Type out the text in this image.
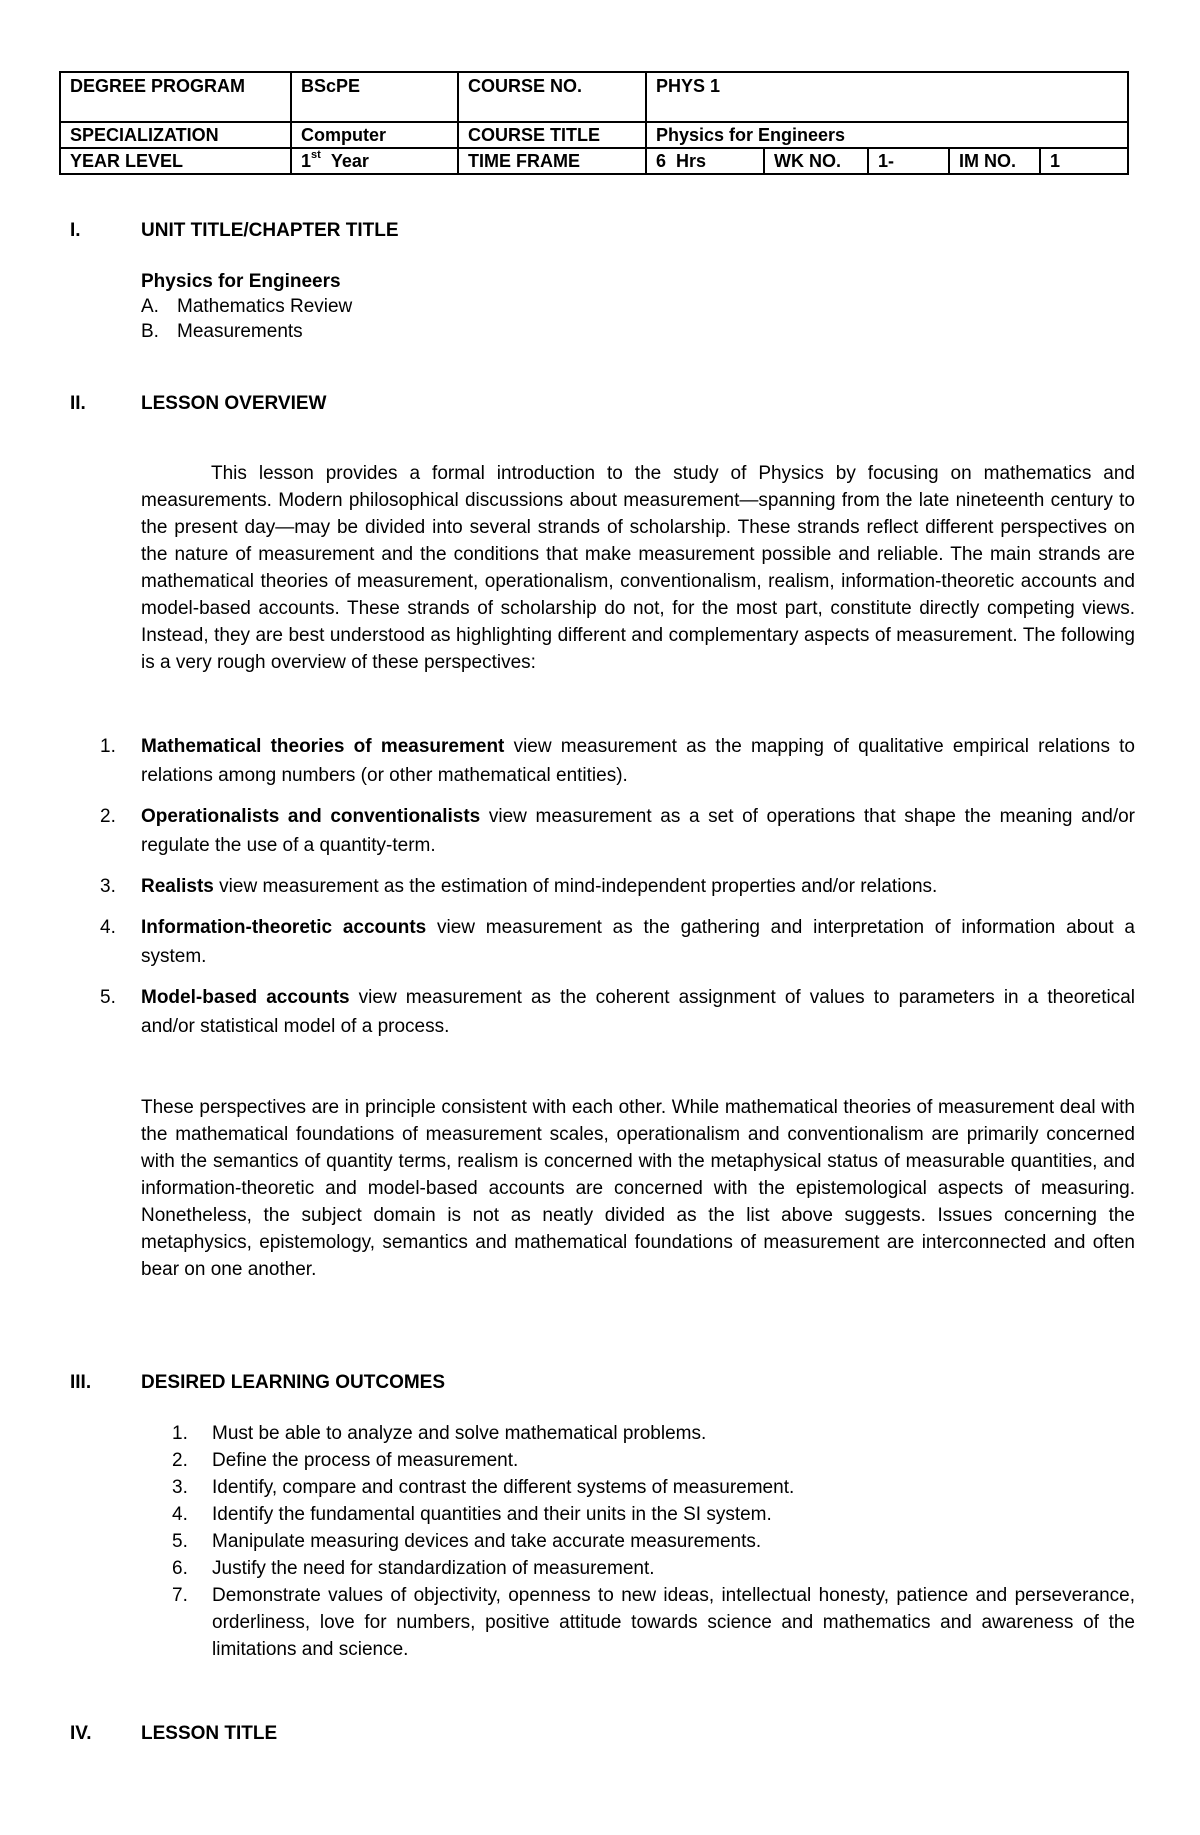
DEGREE PROGRAM	BScPE	COURSE NO.	PHYS 1				
SPECIALIZATION	Computer	COURSE TITLE	Physics for Engineers				
YEAR LEVEL	1st Year	TIME FRAME	6  Hrs	WK NO.	1-	IM NO.	1
I.	UNIT TITLE/CHAPTER TITLE
Physics for Engineers
A. Mathematics Review
B. Measurements
II.	LESSON OVERVIEW
This lesson provides a formal introduction to the study of Physics by focusing on mathematics and measurements. Modern philosophical discussions about measurement—spanning from the late nineteenth century to the present day—may be divided into several strands of scholarship. These strands reflect different perspectives on the nature of measurement and the conditions that make measurement possible and reliable. The main strands are mathematical theories of measurement, operationalism, conventionalism, realism, information-theoretic accounts and model-based accounts. These strands of scholarship do not, for the most part, constitute directly competing views. Instead, they are best understood as highlighting different and complementary aspects of measurement. The following is a very rough overview of these perspectives:
1.	Mathematical theories of measurement view measurement as the mapping of qualitative empirical relations to relations among numbers (or other mathematical entities).
2.	Operationalists and conventionalists view measurement as a set of operations that shape the meaning and/or regulate the use of a quantity-term.
3.	Realists view measurement as the estimation of mind-independent properties and/or relations.
4.	Information-theoretic accounts view measurement as the gathering and interpretation of information about a system.
5.	Model-based accounts view measurement as the coherent assignment of values to parameters in a theoretical and/or statistical model of a process.
These perspectives are in principle consistent with each other. While mathematical theories of measurement deal with the mathematical foundations of measurement scales, operationalism and conventionalism are primarily concerned with the semantics of quantity terms, realism is concerned with the metaphysical status of measurable quantities, and information-theoretic and model-based accounts are concerned with the epistemological aspects of measuring. Nonetheless, the subject domain is not as neatly divided as the list above suggests. Issues concerning the metaphysics, epistemology, semantics and mathematical foundations of measurement are interconnected and often bear on one another.
III.	DESIRED LEARNING OUTCOMES
1.	Must be able to analyze and solve mathematical problems.
2.	Define the process of measurement.
3.	Identify, compare and contrast the different systems of measurement.
4.	Identify the fundamental quantities and their units in the SI system.
5.	Manipulate measuring devices and take accurate measurements.
6.	Justify the need for standardization of measurement.
7.	Demonstrate values of objectivity, openness to new ideas, intellectual honesty, patience and perseverance, orderliness, love for numbers, positive attitude towards science and mathematics and awareness of the limitations and science.
IV.	LESSON TITLE
